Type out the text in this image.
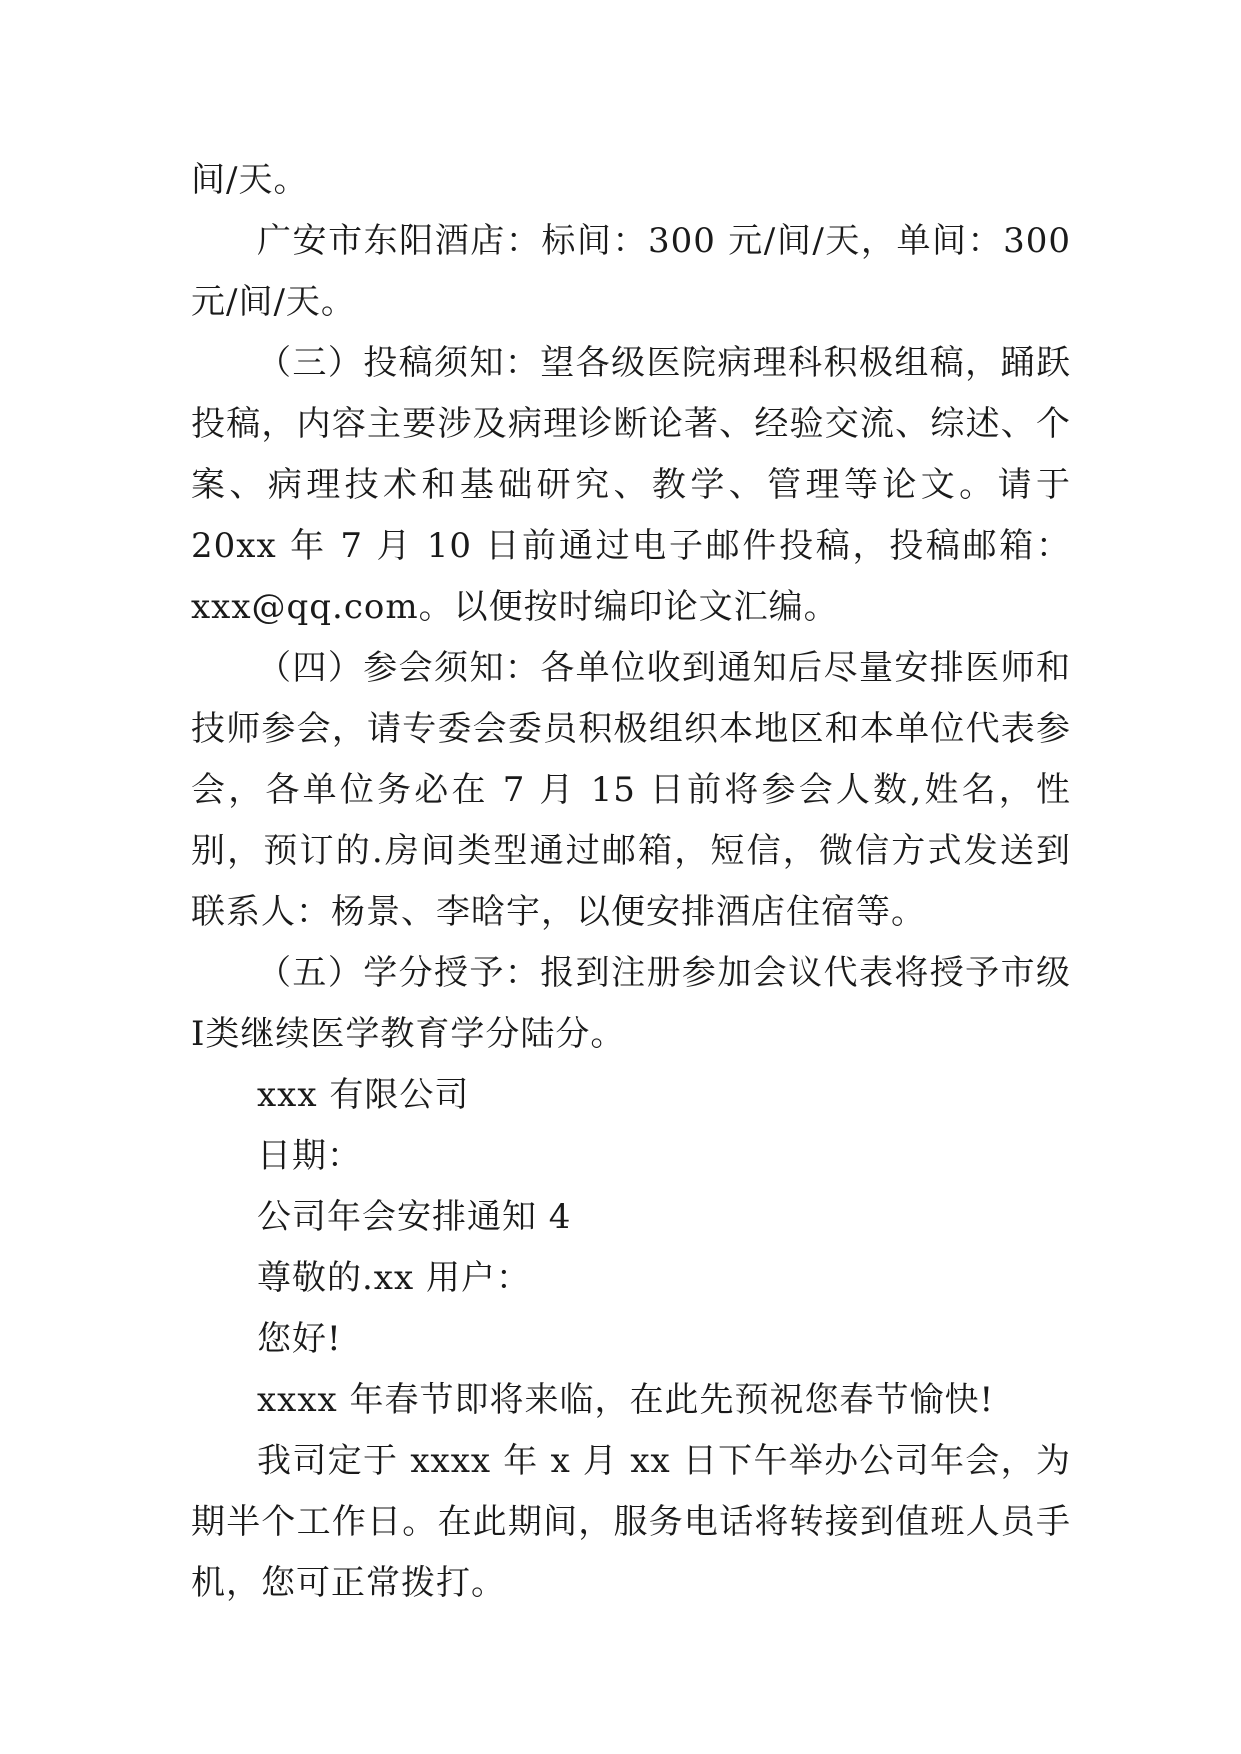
间/天。

广安市东阳酒店：标间：300 元/间/天，单间：300 元/间/天。

（三）投稿须知：望各级医院病理科积极组稿，踊跃投稿，内容主要涉及病理诊断论著、经验交流、综述、个案、病理技术和基础研究、教学、管理等论文。请于 20xx 年 7 月 10 日前通过电子邮件投稿，投稿邮箱：xxx@qq.com。以便按时编印论文汇编。

（四）参会须知：各单位收到通知后尽量安排医师和技师参会，请专委会委员积极组织本地区和本单位代表参会，各单位务必在 7 月 15 日前将参会人数,姓名，性别，预订的.房间类型通过邮箱，短信，微信方式发送到联系人：杨景、李晗宇，以便安排酒店住宿等。

（五）学分授予：报到注册参加会议代表将授予市级Ⅰ类继续医学教育学分陆分。

xxx 有限公司

日期：

公司年会安排通知 4

尊敬的.xx 用户：

您好!

xxxx 年春节即将来临，在此先预祝您春节愉快!

我司定于 xxxx 年 x 月 xx 日下午举办公司年会，为期半个工作日。在此期间，服务电话将转接到值班人员手机，您可正常拨打。
